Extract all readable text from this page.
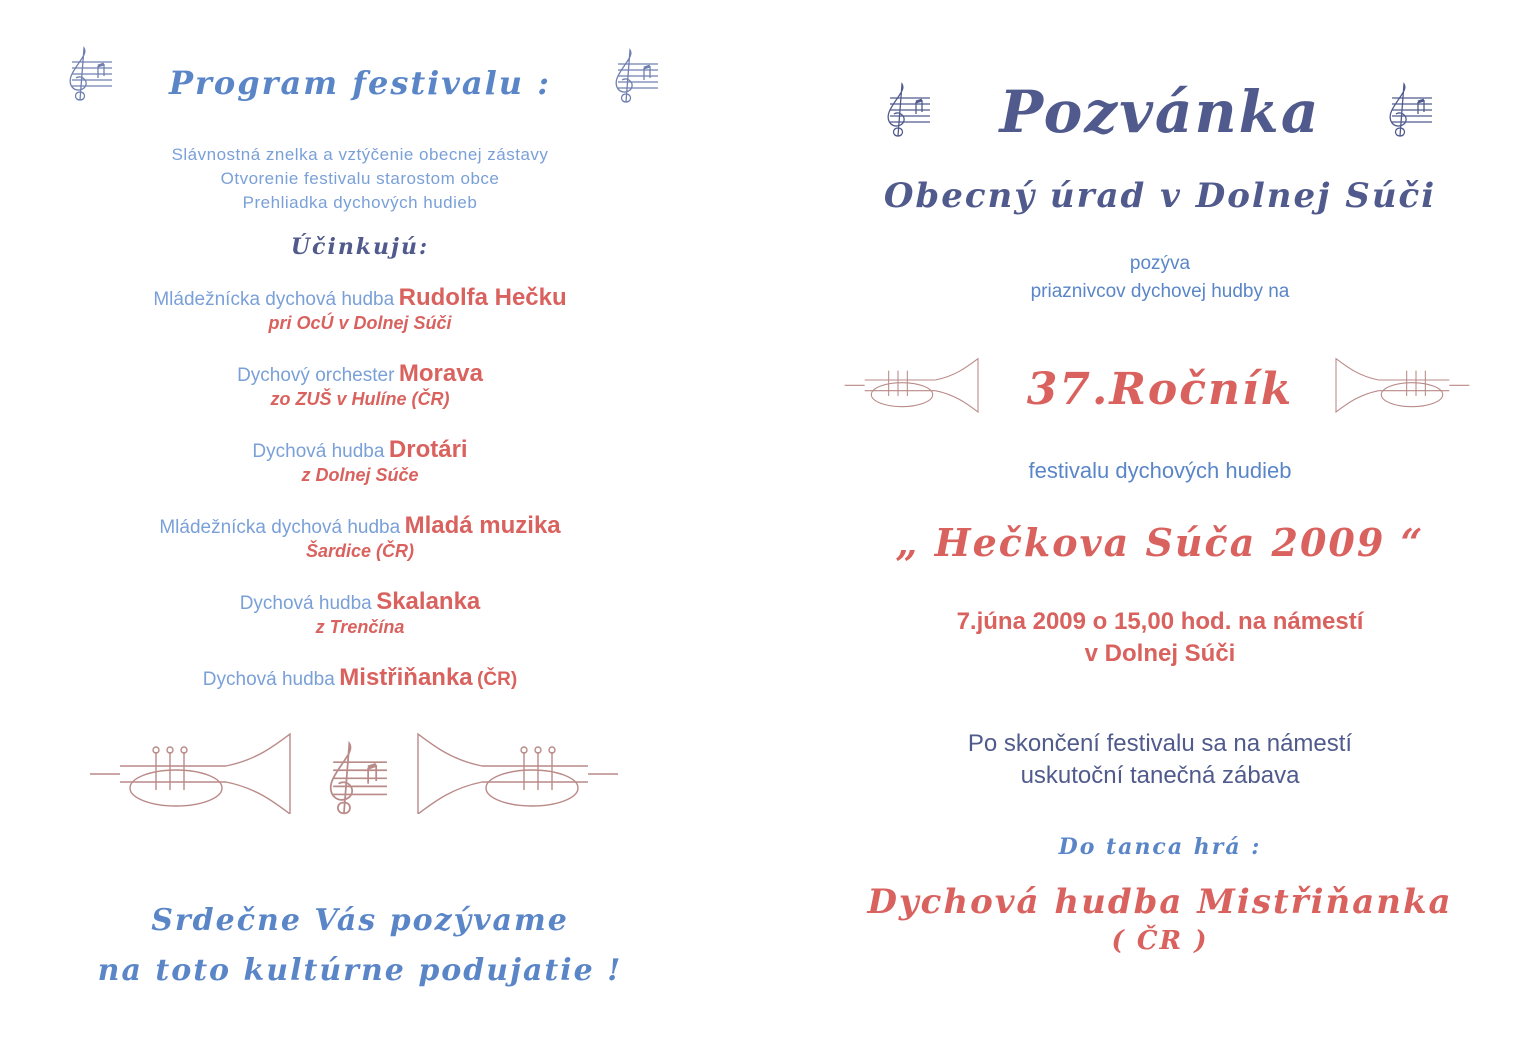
Program festivalu :
Slávnostná znelka a vztýčenie obecnej zástavy
Otvorenie festivalu starostom obce
Prehliadka dychových hudieb
Účinkujú:
Mládežnícka dychová hudba Rudolfa Hečku
pri OcÚ v Dolnej Súči
Dychový orchester Morava
zo ZUŠ v Hulíne (ČR)
Dychová hudba Drotári
z Dolnej Súče
Mládežnícka dychová hudba Mladá muzika
Šardice (ČR)
Dychová hudba Skalanka
z Trenčína
Dychová hudba Mistřiňanka (ČR)
Srdečne Vás pozývame
na toto kultúrne podujatie !
Pozvánka
Obecný úrad v Dolnej Súči
pozýva
priaznivcov dychovej hudby na
37.Ročník
festivalu dychových hudieb
„ Hečkova Súča 2009 “
7.júna 2009 o 15,00 hod. na námestí
v Dolnej Súči
Po skončení festivalu sa na námestí
uskutoční tanečná zábava
Do tanca hrá :
Dychová hudba Mistřiňanka
( ČR )
